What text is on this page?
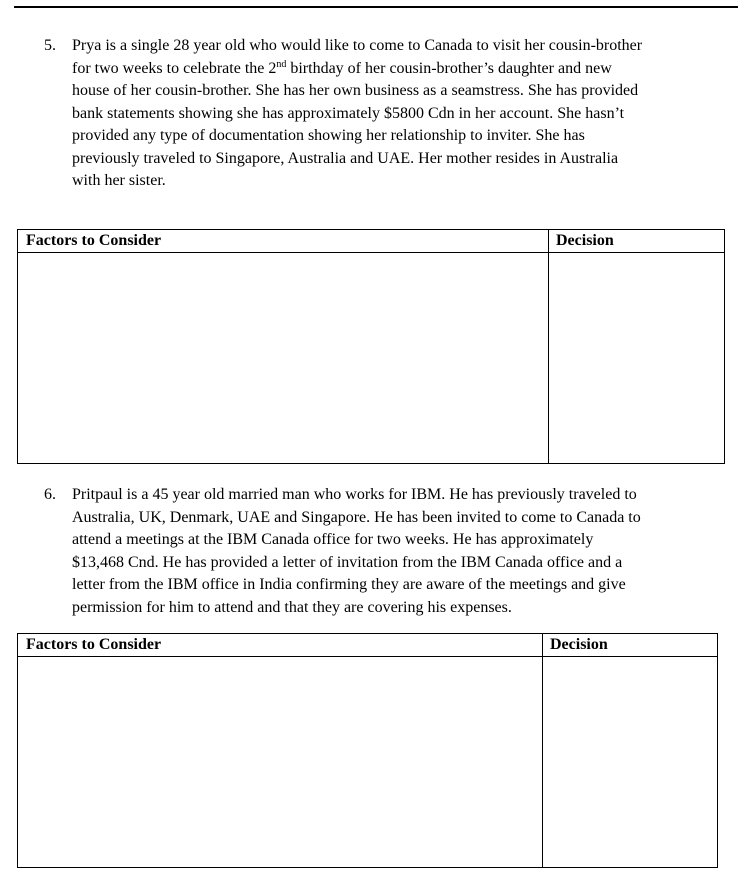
5. Prya is a single 28 year old who would like to come to Canada to visit her cousin-brother

for two weeks to celebrate the 2nd birthday of her cousin-brother’s daughter and new

house of her cousin-brother. She has her own business as a seamstress. She has provided

bank statements showing she has approximately $5800 Cdn in her account. She hasn’t

provided any type of documentation showing her relationship to inviter. She has

previously traveled to Singapore, Australia and UAE. Her mother resides in Australia

with her sister.

Factors to Consider	Decision
6. Pritpaul is a 45 year old married man who works for IBM. He has previously traveled to

Australia, UK, Denmark, UAE and Singapore. He has been invited to come to Canada to

attend a meetings at the IBM Canada office for two weeks. He has approximately

$13,468 Cnd. He has provided a letter of invitation from the IBM Canada office and a

letter from the IBM office in India confirming they are aware of the meetings and give

permission for him to attend and that they are covering his expenses.

Factors to Consider	Decision
